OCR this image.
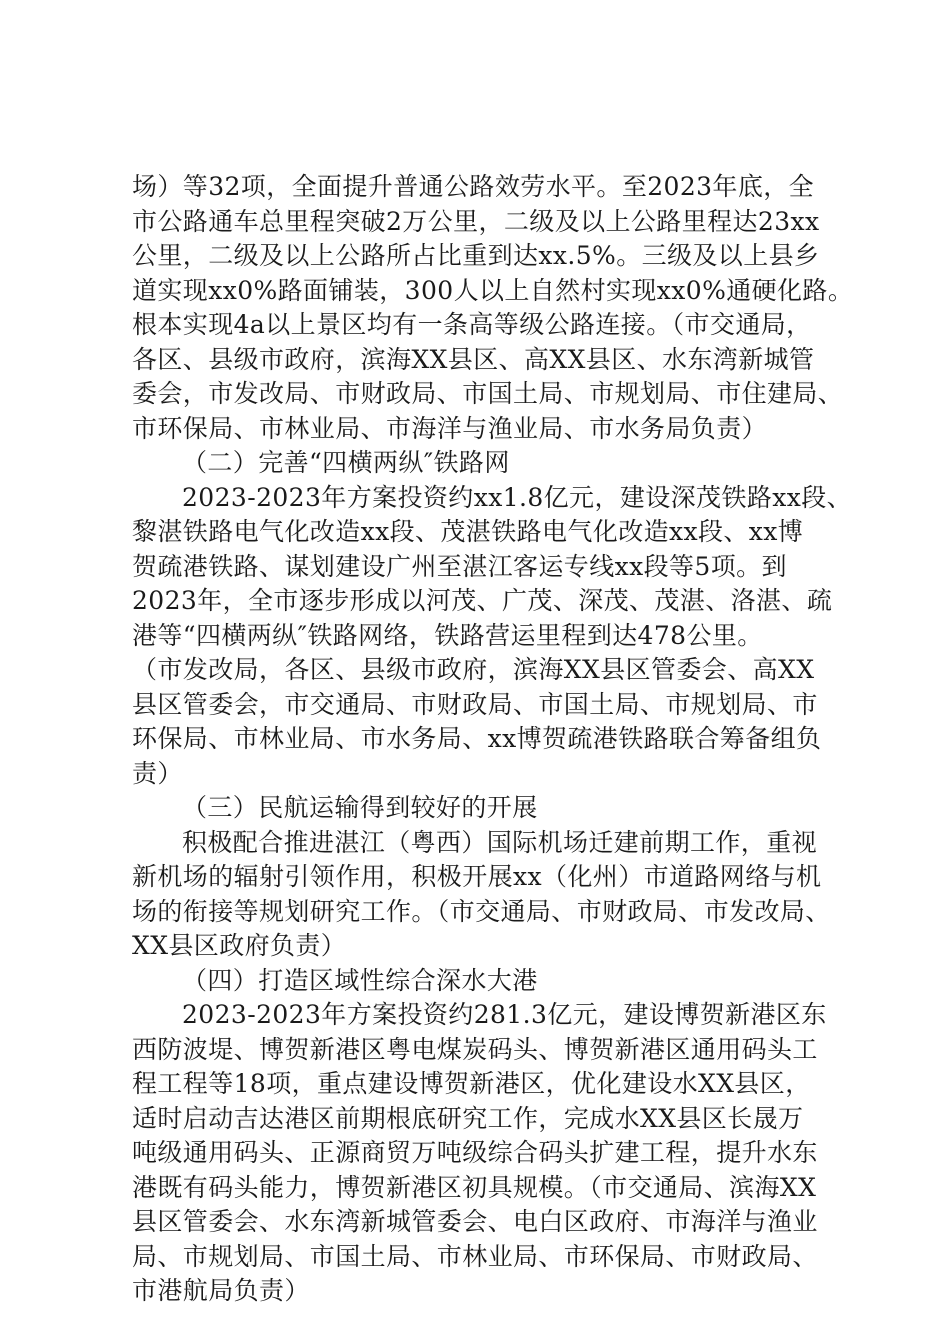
场）等32项，全面提升普通公路效劳水平。至2023年底，全
市公路通车总里程突破2万公里，二级及以上公路里程达23xx
公里，二级及以上公路所占比重到达xx.5%。三级及以上县乡
道实现xx0%路面铺装，300人以上自然村实现xx0%通硬化路。
根本实现4a以上景区均有一条高等级公路连接。（市交通局，
各区、县级市政府，滨海XX县区、高XX县区、水东湾新城管
委会，市发改局、市财政局、市国土局、市规划局、市住建局、
市环保局、市林业局、市海洋与渔业局、市水务局负责）
（二）完善“四横两纵″铁路网
2023-2023年方案投资约xx1.8亿元，建设深茂铁路xx段、
黎湛铁路电气化改造xx段、茂湛铁路电气化改造xx段、xx博
贺疏港铁路、谋划建设广州至湛江客运专线xx段等5项。到
2023年，全市逐步形成以河茂、广茂、深茂、茂湛、洛湛、疏
港等“四横两纵″铁路网络，铁路营运里程到达478公里。
（市发改局，各区、县级市政府，滨海XX县区管委会、高XX
县区管委会，市交通局、市财政局、市国土局、市规划局、市
环保局、市林业局、市水务局、xx博贺疏港铁路联合筹备组负
责）
（三）民航运输得到较好的开展
积极配合推进湛江（粤西）国际机场迁建前期工作，重视
新机场的辐射引领作用，积极开展xx（化州）市道路网络与机
场的衔接等规划研究工作。（市交通局、市财政局、市发改局、
XX县区政府负责）
（四）打造区域性综合深水大港
2023-2023年方案投资约281.3亿元，建设博贺新港区东
西防波堤、博贺新港区粤电煤炭码头、博贺新港区通用码头工
程工程等18项，重点建设博贺新港区，优化建设水XX县区，
适时启动吉达港区前期根底研究工作，完成水XX县区长晟万
吨级通用码头、正源商贸万吨级综合码头扩建工程，提升水东
港既有码头能力，博贺新港区初具规模。（市交通局、滨海XX
县区管委会、水东湾新城管委会、电白区政府、市海洋与渔业
局、市规划局、市国土局、市林业局、市环保局、市财政局、
市港航局负责）
